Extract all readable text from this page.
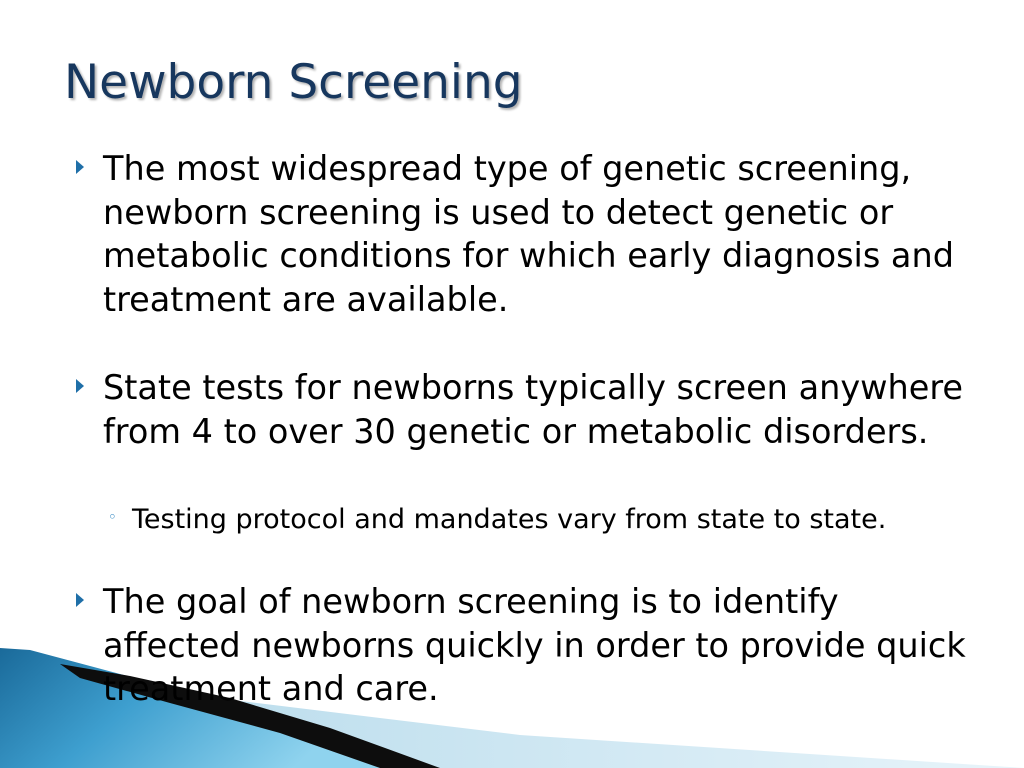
Newborn Screening
The most widespread type of genetic screening, newborn screening is used to detect genetic or metabolic conditions for which early diagnosis and treatment are available.
State tests for newborns typically screen anywhere from 4 to over 30 genetic or metabolic disorders.
◦ Testing protocol and mandates vary from state to state.
The goal of newborn screening is to identify affected newborns quickly in order to provide quick treatment and care.
